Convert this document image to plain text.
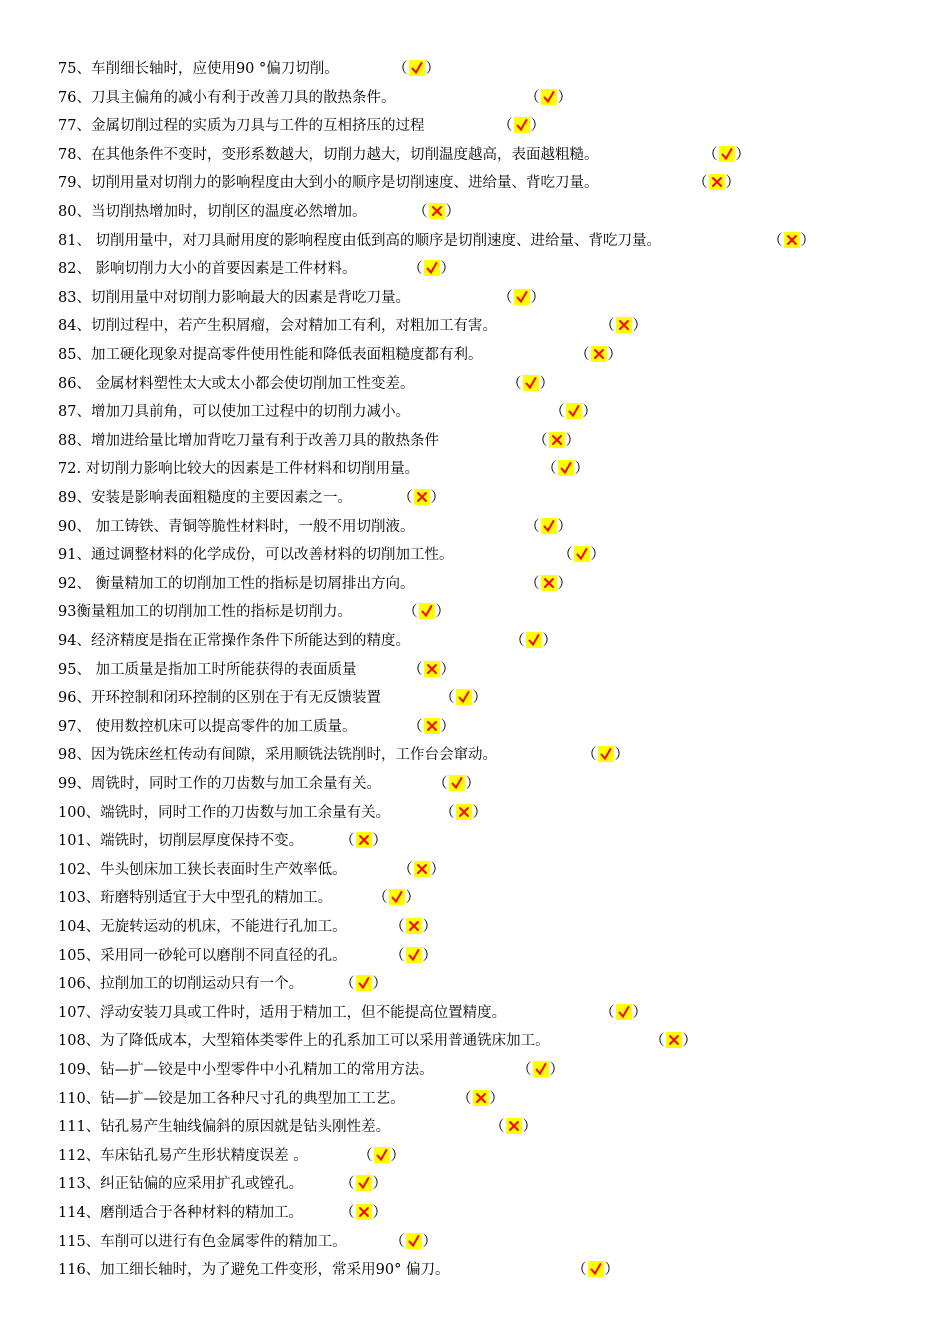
75、车削细长轴时，应使用90 °偏刀切削。	（ ）
76、刀具主偏角的减小有利于改善刀具的散热条件。	（ ）
77、金属切削过程的实质为刀具与工件的互相挤压的过程	（ ）
78、在其他条件不变时，变形系数越大，切削力越大，切削温度越高，表面越粗糙。	（ ）
79、切削用量对切削力的影响程度由大到小的顺序是切削速度、进给量、背吃刀量。	（ ）
80、当切削热增加时，切削区的温度必然增加。	（ ）
81、 切削用量中，对刀具耐用度的影响程度由低到高的顺序是切削速度、进给量、背吃刀量。	（ ）
82、 影响切削力大小的首要因素是工件材料。	（ ）
83、切削用量中对切削力影响最大的因素是背吃刀量。	（ ）
84、切削过程中，若产生积屑瘤，会对精加工有利，对粗加工有害。	（ ）
85、加工硬化现象对提高零件使用性能和降低表面粗糙度都有利。	（ ）
86、 金属材料塑性太大或太小都会使切削加工性变差。	（ ）
87、增加刀具前角，可以使加工过程中的切削力减小。	（ ）
88、增加进给量比增加背吃刀量有利于改善刀具的散热条件	（ ）
72. 对切削力影响比较大的因素是工件材料和切削用量。	（ ）
89、安装是影响表面粗糙度的主要因素之一。	（ ）
90、 加工铸铁、青铜等脆性材料时，一般不用切削液。	（ ）
91、通过调整材料的化学成份，可以改善材料的切削加工性。	（ ）
92、 衡量精加工的切削加工性的指标是切屑排出方向。	（ ）
93衡量粗加工的切削加工性的指标是切削力。	（ ）
94、经济精度是指在正常操作条件下所能达到的精度。	（ ）
95、 加工质量是指加工时所能获得的表面质量	（ ）
96、开环控制和闭环控制的区别在于有无反馈装置	（ ）
97、 使用数控机床可以提高零件的加工质量。	（ ）
98、因为铣床丝杠传动有间隙，采用顺铣法铣削时，工作台会窜动。	（ ）
99、周铣时，同时工作的刀齿数与加工余量有关。	（ ）
100、端铣时，同时工作的刀齿数与加工余量有关。	（ ）
101、端铣时，切削层厚度保持不变。	（ ）
102、牛头刨床加工狭长表面时生产效率低。	（ ）
103、珩磨特别适宜于大中型孔的精加工。	（ ）
104、无旋转运动的机床，不能进行孔加工。	（ ）
105、采用同一砂轮可以磨削不同直径的孔。	（ ）
106、拉削加工的切削运动只有一个。	（ ）
107、浮动安装刀具或工件时，适用于精加工，但不能提高位置精度。	（ ）
108、为了降低成本，大型箱体类零件上的孔系加工可以采用普通铣床加工。	（ ）
109、钻—扩—铰是中小型零件中小孔精加工的常用方法。	（ ）
110、钻—扩—铰是加工各种尺寸孔的典型加工工艺。	（ ）
111、钻孔易产生轴线偏斜的原因就是钻头刚性差。	（ ）
112、车床钻孔易产生形状精度误差 。	（ ）
113、纠正钻偏的应采用扩孔或镗孔。	（ ）
114、磨削适合于各种材料的精加工。	（ ）
115、车削可以进行有色金属零件的精加工。	（ ）
116、加工细长轴时，为了避免工件变形，常采用90° 偏刀。	（ ）
